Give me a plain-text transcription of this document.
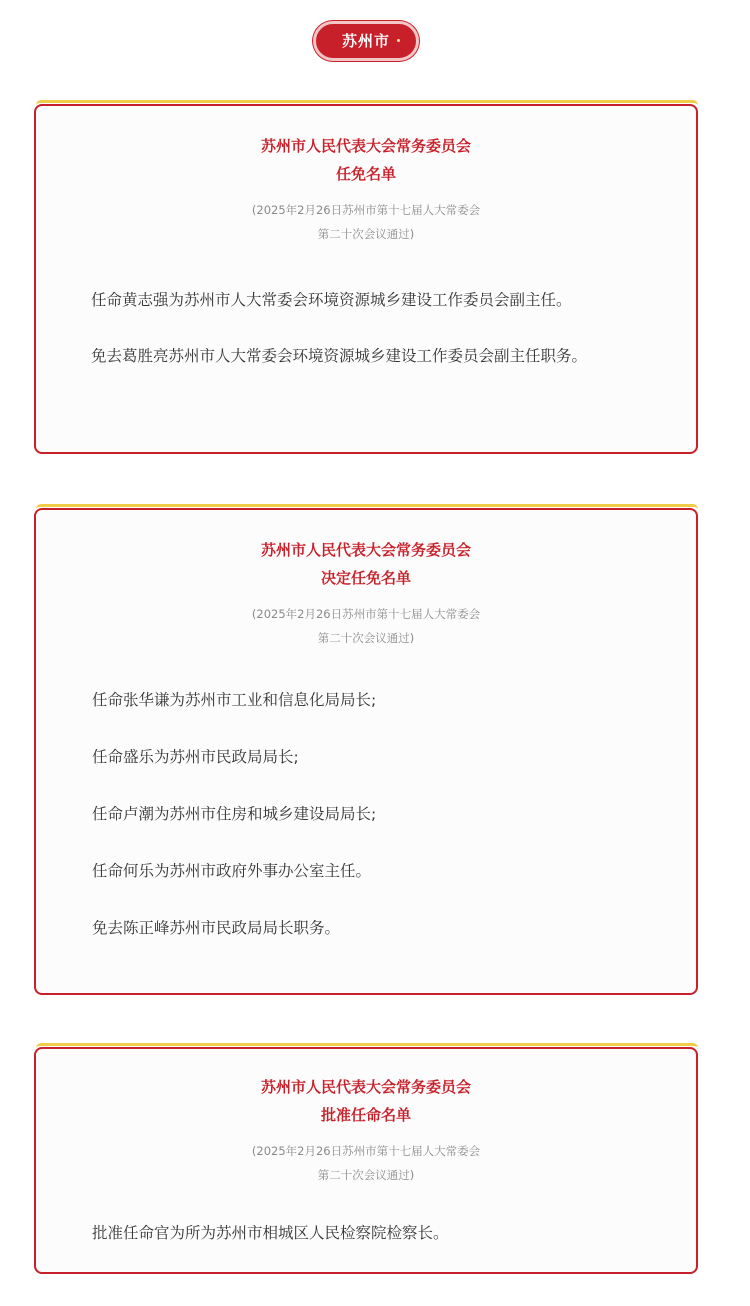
苏州市

苏州市人民代表大会常务委员会

任免名单

(2025年2月26日苏州市第十七届人大常委会

第二十次会议通过)

任命黄志强为苏州市人大常委会环境资源城乡建设工作委员会副主任。

免去葛胜亮苏州市人大常委会环境资源城乡建设工作委员会副主任职务。

苏州市人民代表大会常务委员会

决定任免名单

(2025年2月26日苏州市第十七届人大常委会

第二十次会议通过)

任命张华谦为苏州市工业和信息化局局长;

任命盛乐为苏州市民政局局长;

任命卢潮为苏州市住房和城乡建设局局长;

任命何乐为苏州市政府外事办公室主任。

免去陈正峰苏州市民政局局长职务。

苏州市人民代表大会常务委员会

批准任命名单

(2025年2月26日苏州市第十七届人大常委会

第二十次会议通过)

批准任命官为所为苏州市相城区人民检察院检察长。
